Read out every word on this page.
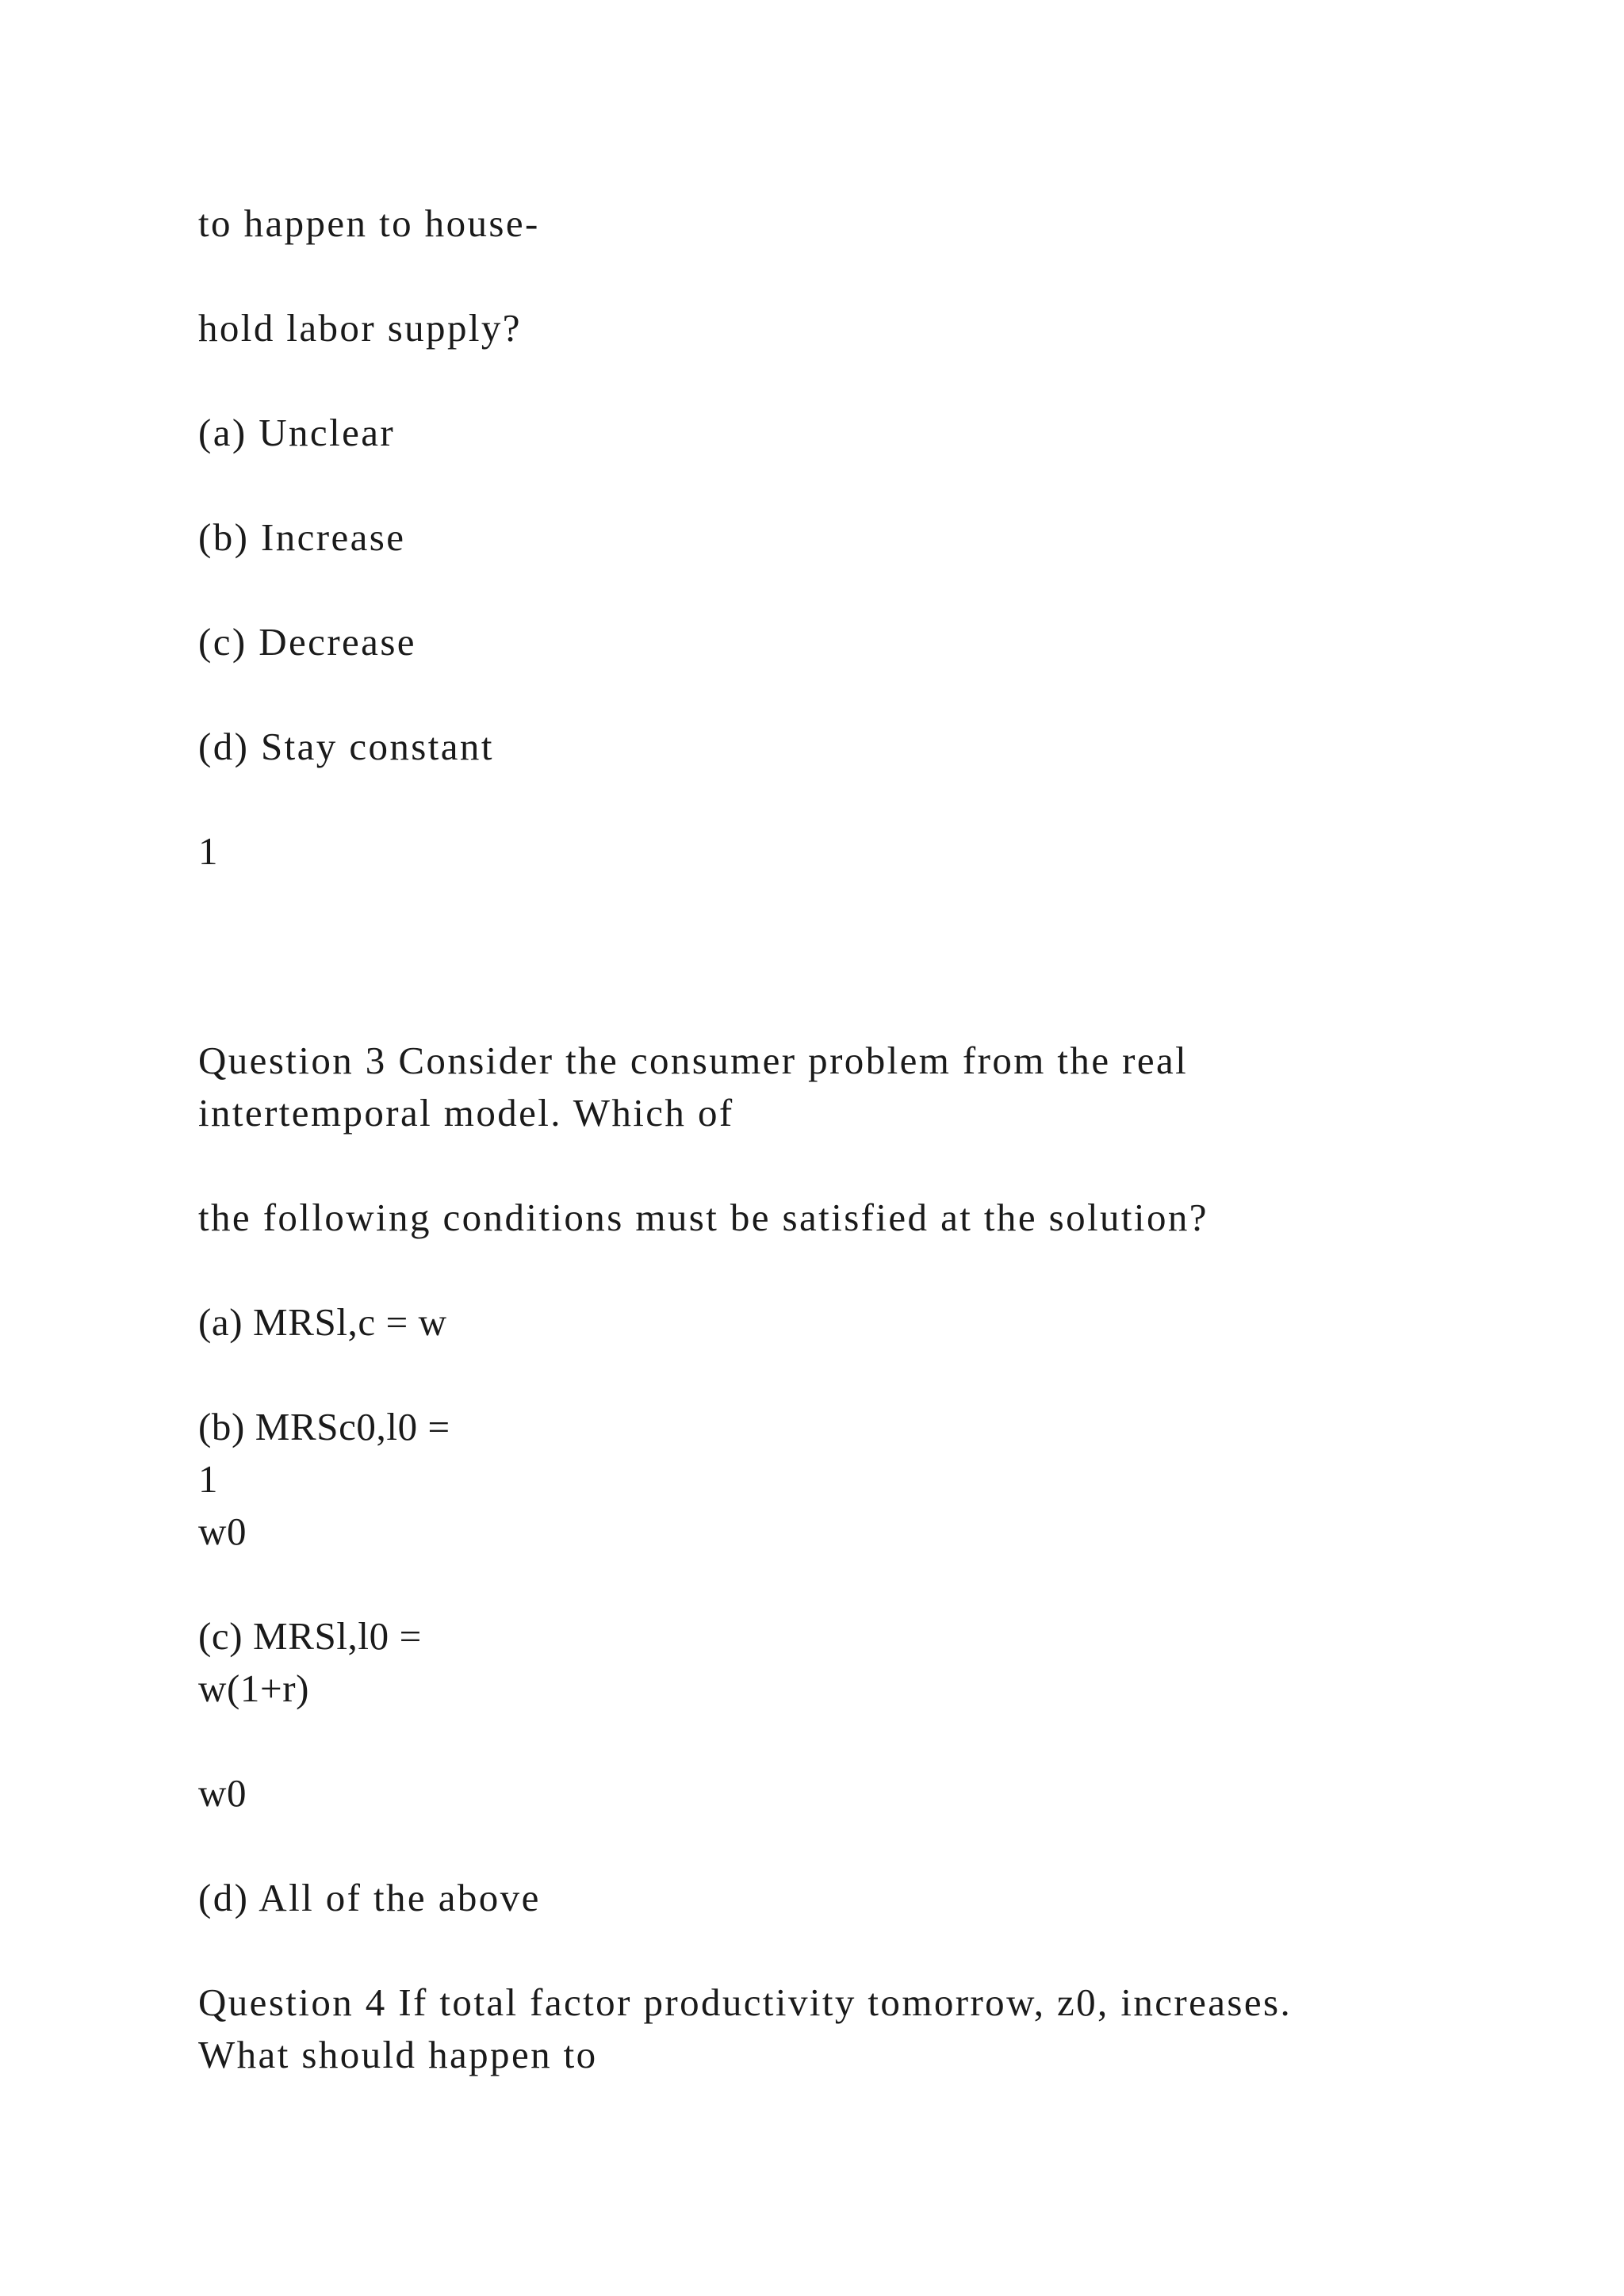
to happen to house-

hold labor supply?

(a) Unclear

(b) Increase

(c) Decrease

(d) Stay constant

1

Question 3 Consider the consumer problem from the real

intertemporal model. Which of

the following conditions must be satisfied at the solution?

(a) MRSl,c = w

(b) MRSc0,l0 =

1

w0

(c) MRSl,l0 =

w(1+r)

w0

(d) All of the above

Question 4 If total factor productivity tomorrow, z0, increases.

What should happen to
